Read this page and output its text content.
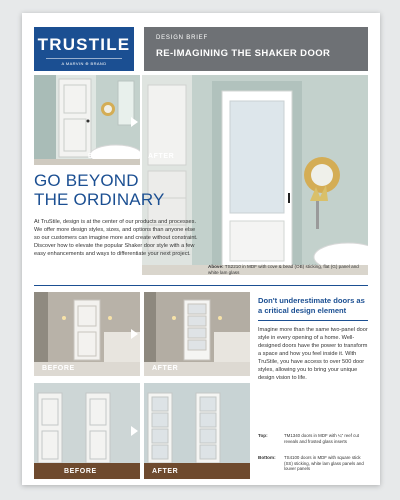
TRUSTILE
A MARVIN ⊕ BRAND
DESIGN BRIEF
RE-IMAGINING THE SHAKER DOOR
BEFORE	AFTER
GO BEYOND
THE ORDINARY
At TruStile, design is at the center of our products and processes. We offer more design styles, sizes, and options than anyone else so our customers can imagine more and create without constraint. Discover how to elevate the popular Shaker door style with a few easy enhancements and ways to differentiate your next project.
Above: TS2210 in MDF with cove & bead (OB) sticking, flat (G) panel and white lam glass
BEFORE	AFTER
BEFORE	AFTER
Don't underestimate doors as a critical design element
Imagine more than the same two-panel door style in every opening of a home. Well-designed doors have the power to transform a space and how you feel inside it. With TruStile, you have access to over 500 door styles, allowing you to bring your unique design vision to life.
Top:	TM1340 doors in MDF with ¼" reef cut reveals and frosted glass inserts
Bottom: TS4100 doors in MDF with square stick (SS) sticking, white lam glass panels and louver panels
